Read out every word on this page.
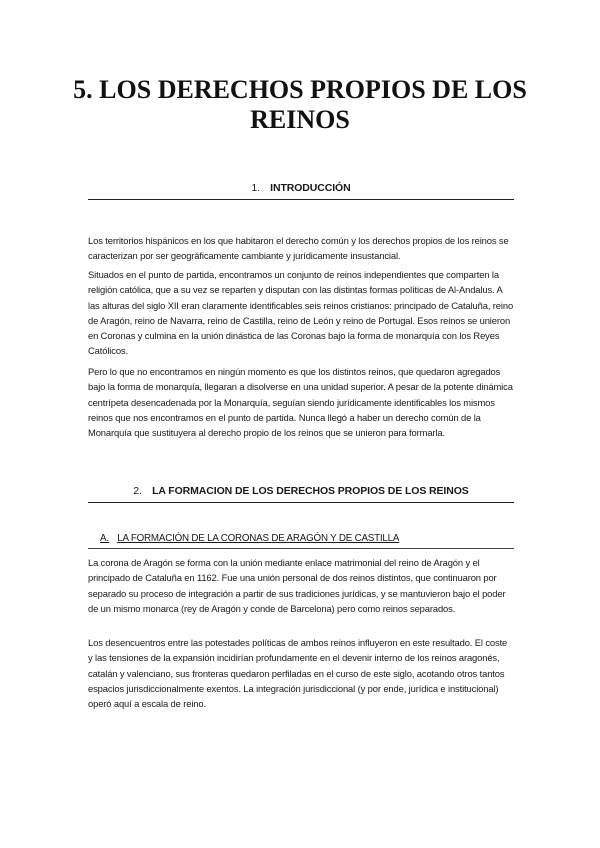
5. LOS DERECHOS PROPIOS DE LOS REINOS
1. INTRODUCCIÓN

Los territorios hispánicos en los que habitaron el derecho común y los derechos propios de los reinos se caracterizan por ser geográficamente cambiante y jurídicamente insustancial.

Situados en el punto de partida, encontramos un conjunto de reinos independientes que comparten la religión católica, que a su vez se reparten y disputan con las distintas formas políticas de Al-Andalus. A las alturas del siglo XII eran claramente identificables seis reinos cristianos: principado de Cataluña, reino de Aragón, reino de Navarra, reino de Castilla, reino de León y reino de Portugal. Esos reinos se unieron en Coronas y culmina en la unión dinástica de las Coronas bajo la forma de monarquía con los Reyes Católicos.

Pero lo que no encontramos en ningún momento es que los distintos reinos, que quedaron agregados bajo la forma de monarquía, llegaran a disolverse en una unidad superior. A pesar de la potente dinámica centrípeta desencadenada por la Monarquía, seguían siendo jurídicamente identificables los mismos reinos que nos encontramos en el punto de partida. Nunca llegó a haber un derecho común de la Monarquía que sustituyera al derecho propio de los reinos que se unieron para formarla.

2. LA FORMACION DE LOS DERECHOS PROPIOS DE LOS REINOS
A. LA FORMACIÓN DE LA CORONAS DE ARAGÓN Y DE CASTILLA

La corona de Aragón se forma con la unión mediante enlace matrimonial del reino de Aragón y el principado de Cataluña en 1162. Fue una unión personal de dos reinos distintos, que continuaron por separado su proceso de integración a partir de sus tradiciones jurídicas, y se mantuvieron bajo el poder de un mismo monarca (rey de Aragón y conde de Barcelona) pero como reinos separados.

Los desencuentros entre las potestades políticas de ambos reinos influyeron en este resultado. El coste y las tensiones de la expansión incidirían profundamente en el devenir interno de los reinos aragonés, catalán y valenciano, sus fronteras quedaron perfiladas en el curso de este siglo, acotando otros tantos espacios jurisdiccionalmente exentos. La integración jurisdiccional (y por ende, jurídica e institucional) operó aquí a escala de reino.
